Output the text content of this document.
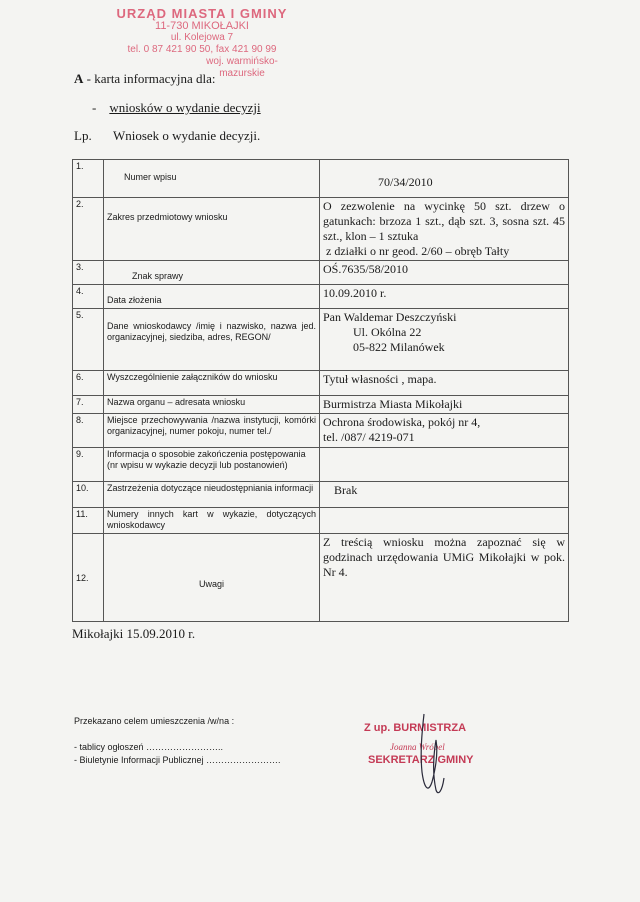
URZĄD MIASTA I GMINY
11-730 MIKOŁAJKI
ul. Kolejowa 7
tel. 0 87 421 90 50, fax 421 90 99
woj. warmińsko-mazurskie
A - karta informacyjna dla:
- wniosków o wydanie decyzji
Lp. Wniosek o wydanie decyzji.
1.	Numer wpisu	70/34/2010
2.	Zakres przedmiotowy wniosku	O zezwolenie na wycinkę 50 szt. drzew o gatunkach: brzoza 1 szt., dąb szt. 3, sosna szt. 45 szt., klon – 1 sztuka
z działki o nr geod. 2/60 – obręb Tałty

3.	Znak sprawy	OŚ.7635/58/2010
4.	Data złożenia	10.09.2010 r.
5.	Dane wnioskodawcy /imię i nazwisko, nazwa jed. organizacyjnej, siedziba, adres, REGON/	Pan Waldemar Deszczyński
Ul. Okólna 22
05-822 Milanówek

6.	Wyszczególnienie załączników do wniosku	Tytuł własności , mapa.
7.	Nazwa organu – adresata wniosku	Burmistrza Miasta Mikołajki
8.	Miejsce przechowywania /nazwa instytucji, komórki organizacyjnej, numer pokoju, numer tel./	Ochrona środowiska, pokój nr 4,
tel. /087/ 4219-071

9.	Informacja o sposobie zakończenia postępowania (nr wpisu w wykazie decyzji lub postanowień)	
10.	Zastrzeżenia dotyczące nieudostępniania informacji	Brak
11.	Numery innych kart w wykazie, dotyczących wnioskodawcy	
12.	Uwagi	Z treścią wniosku można zapoznać się w godzinach urzędowania UMiG Mikołajki w pok. Nr 4.
Mikołajki 15.09.2010 r.
Przekazano celem umieszczenia /w/na :
- tablicy ogłoszeń ……………………..
- Biuletynie Informacji Publicznej …………………….
Z up. BURMISTRZA
Joanna Wróbel
SEKRETARZ GMINY
